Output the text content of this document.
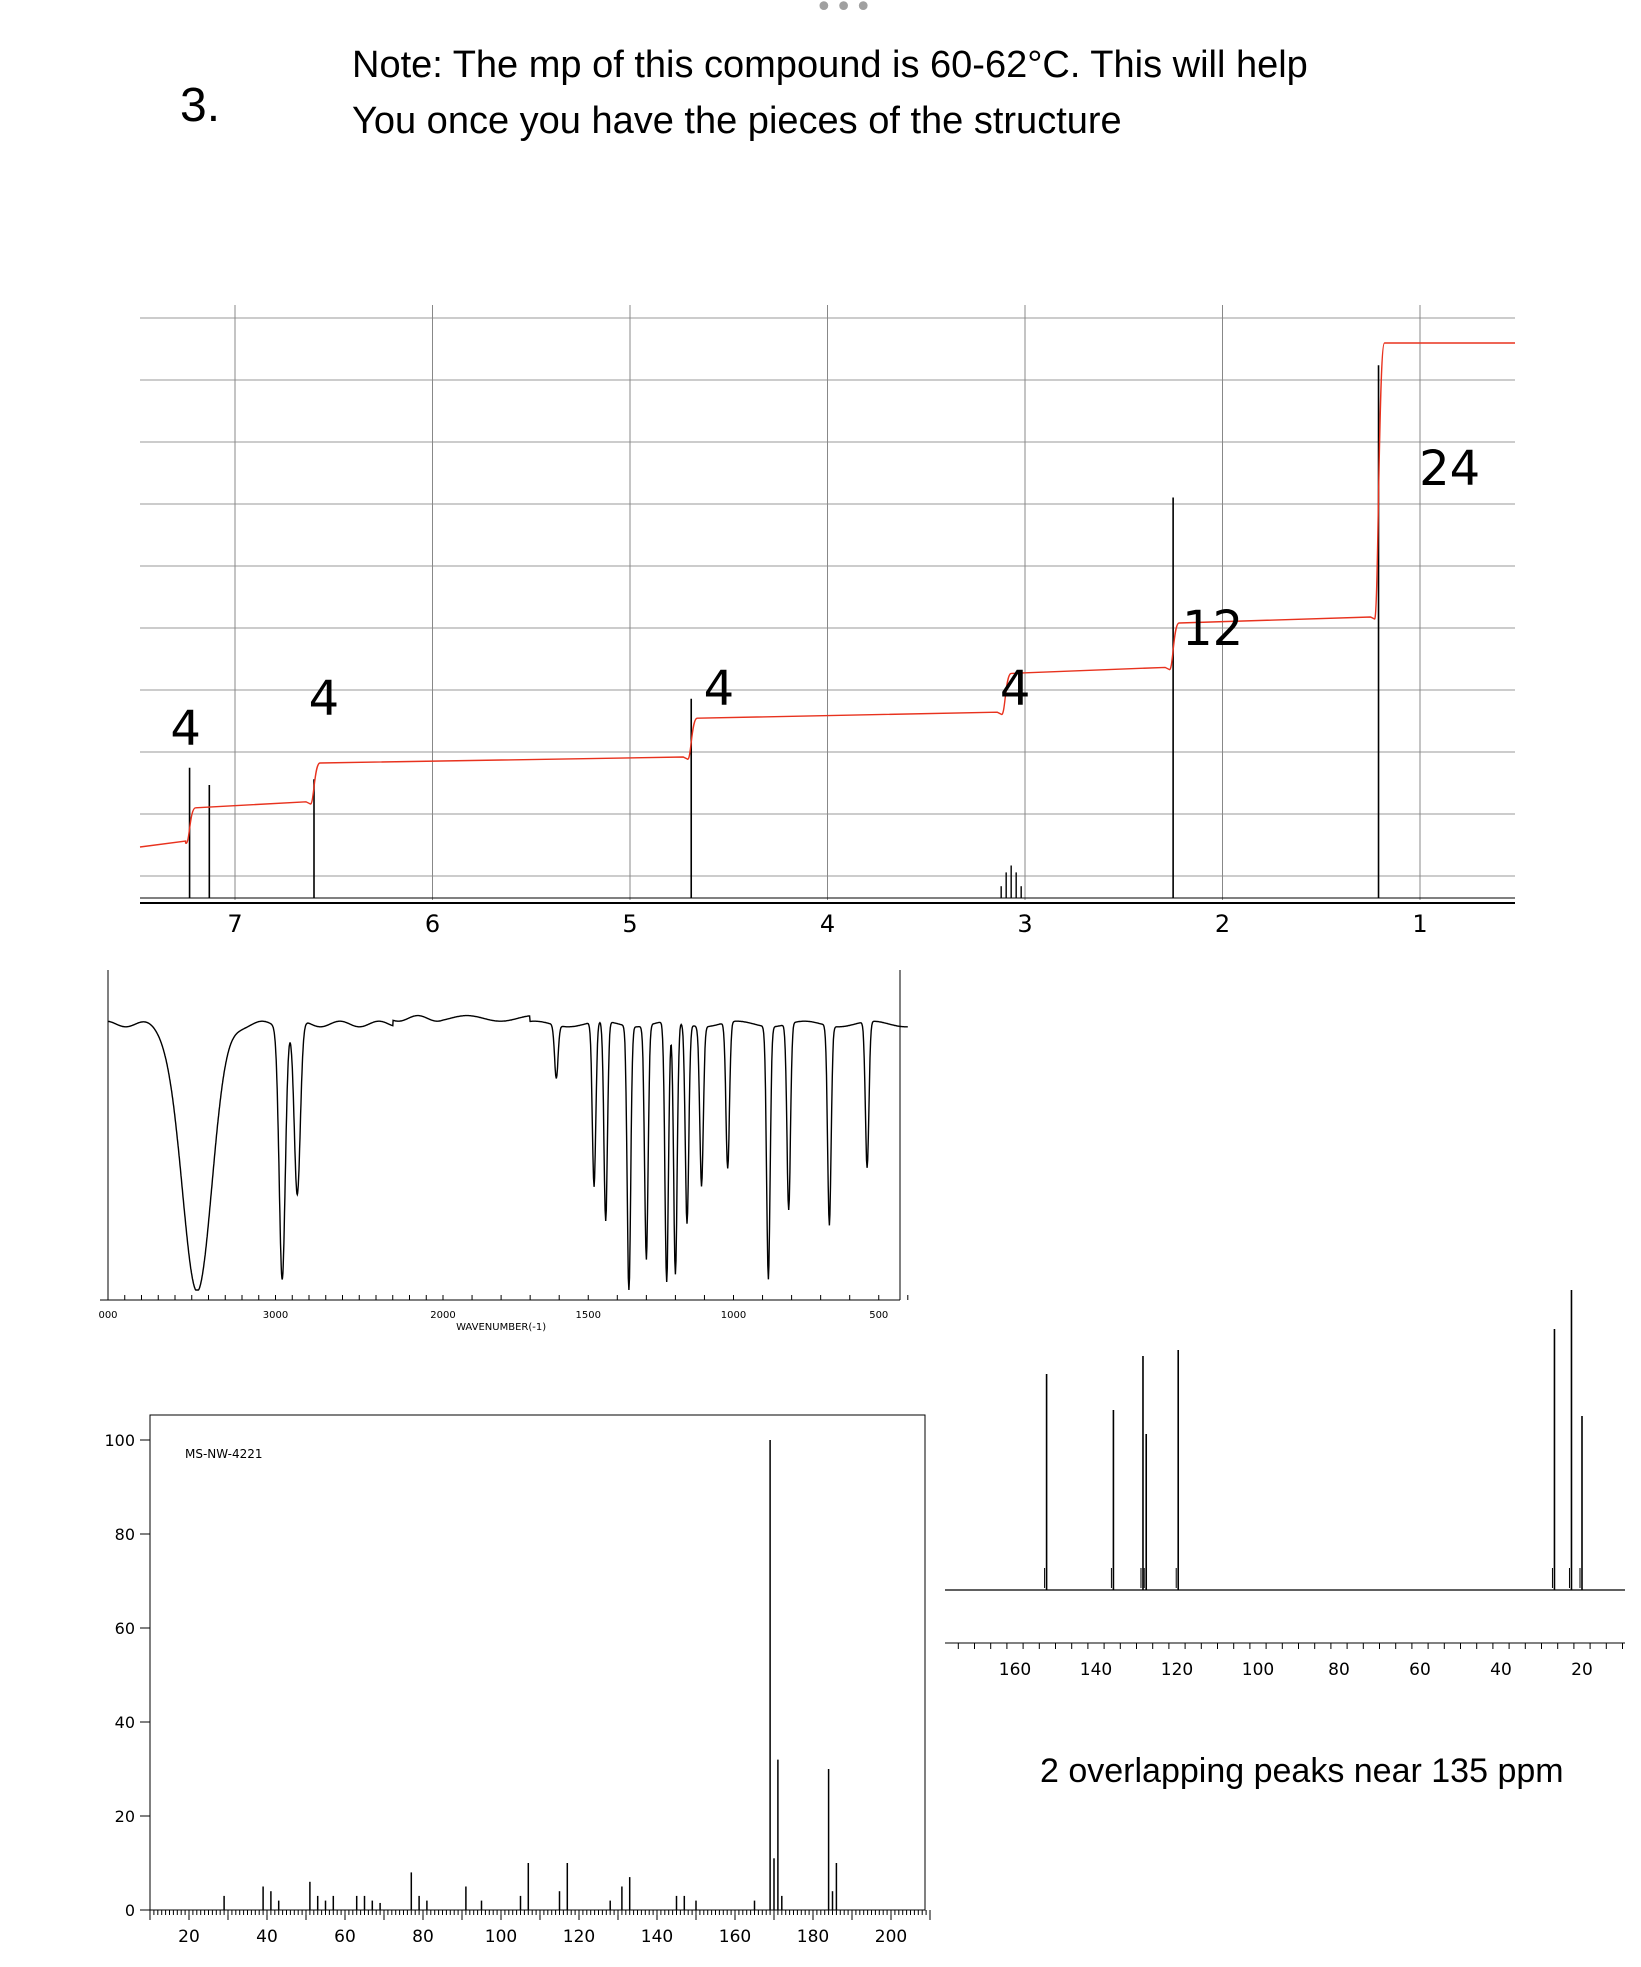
3.
Note: The mp of this compound is 60-62°C. This will help
You once you have the pieces of the structure
•••
7	6	5	4	3	2	1
4
4	4	4
12
24
000	3000	2000	1500	1000	500
WAVENUMBER(-1)
0
20
40
60
80
100
20	40	60	80	100	120	140	160	180	200
MS-NW-4221
160	140	120	100	80	60	40	20
2 overlapping peaks near 135 ppm
